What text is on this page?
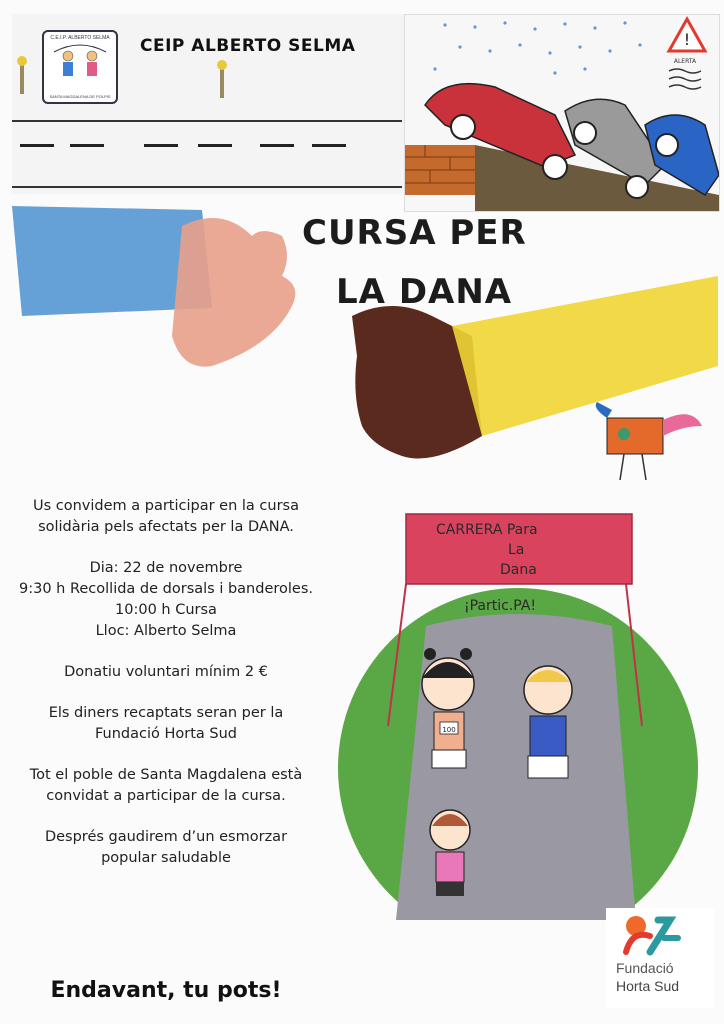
C.E.I.P. ALBERTO SELMA
SANTA MAGDALENA DE POLPIS
CEIP ALBERTO SELMA	!
ALERTA
CURSA PER
LA DANA

Us convidem a participar en la cursa solidària pels afectats per la DANA.

Dia: 22 de novembre

9:30 h Recollida de dorsals i banderoles.

10:00 h Cursa

Lloc: Alberto Selma

Donatiu voluntari mínim 2 €

Els diners recaptats seran per la Fundació Horta Sud

Tot el poble de Santa Magdalena està convidat a participar de la cursa.

Després gaudirem d’un esmorzar popular saludable

Endavant, tu pots!
CARRERA Para
La
Dana
¡Partic.PA!
100
Fundació
Horta Sud
